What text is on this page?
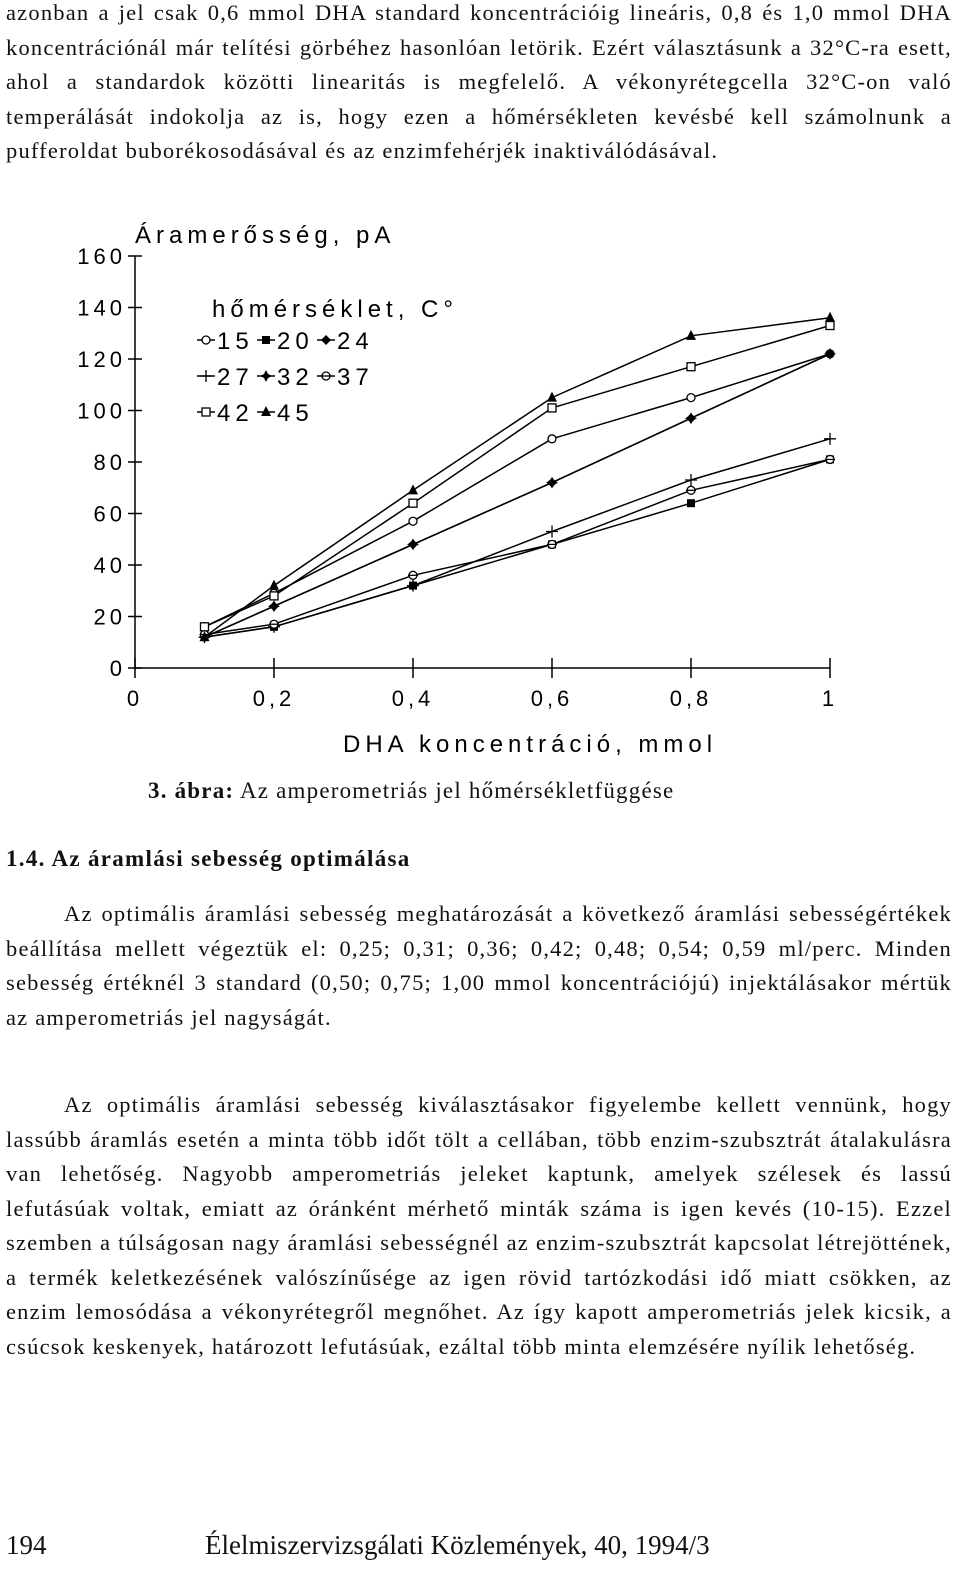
azonban a jel csak 0,6 mmol DHA standard koncentrációig lineáris, 0,8 és 1,0 mmol DHA koncentrációnál már telítési görbéhez hasonlóan letörik. Ezért választásunk a 32°C-ra esett, ahol a standardok közötti linearitás is megfelelő. A vékonyrétegcella 32°C-on való temperálását indokolja az is, hogy ezen a hőmérsékleten kevésbé kell számolnunk a pufferoldat buborékosodásával és az enzimfehérjék inaktiválódásával.

0
20
40
60
80
100
120
140
160
0	0,2	0,4	0,6	0,8	1
15 20 24
27 32 37
42 45
Áramerősség, pA
DHA koncentráció, mmol
hőmérséklet, C°
3. ábra: Az amperometriás jel hőmérsékletfüggése
1.4. Az áramlási sebesség optimálása

Az optimális áramlási sebesség meghatározását a következő áramlási sebességértékek beállítása mellett végeztük el: 0,25; 0,31; 0,36; 0,42; 0,48; 0,54; 0,59 ml/perc. Minden sebesség értéknél 3 standard (0,50; 0,75; 1,00 mmol koncentrációjú) injektálásakor mértük az amperometriás jel nagyságát.

Az optimális áramlási sebesség kiválasztásakor figyelembe kellett vennünk, hogy lassúbb áramlás esetén a minta több időt tölt a cellában, több enzim-szubsztrát átalakulásra van lehetőség. Nagyobb amperometriás jeleket kaptunk, amelyek szélesek és lassú lefutásúak voltak, emiatt az óránként mérhető minták száma is igen kevés (10-15). Ezzel szemben a túlságosan nagy áramlási sebességnél az enzim-szubsztrát kapcsolat létrejöttének, a termék keletkezésének valószínűsége az igen rövid tartózkodási idő miatt csökken, az enzim lemosódása a vékonyrétegről megnőhet. Az így kapott amperometriás jelek kicsik, a csúcsok keskenyek, határozott lefutásúak, ezáltal több minta elemzésére nyílik lehetőség.

194	Élelmiszervizsgálati Közlemények, 40, 1994/3
